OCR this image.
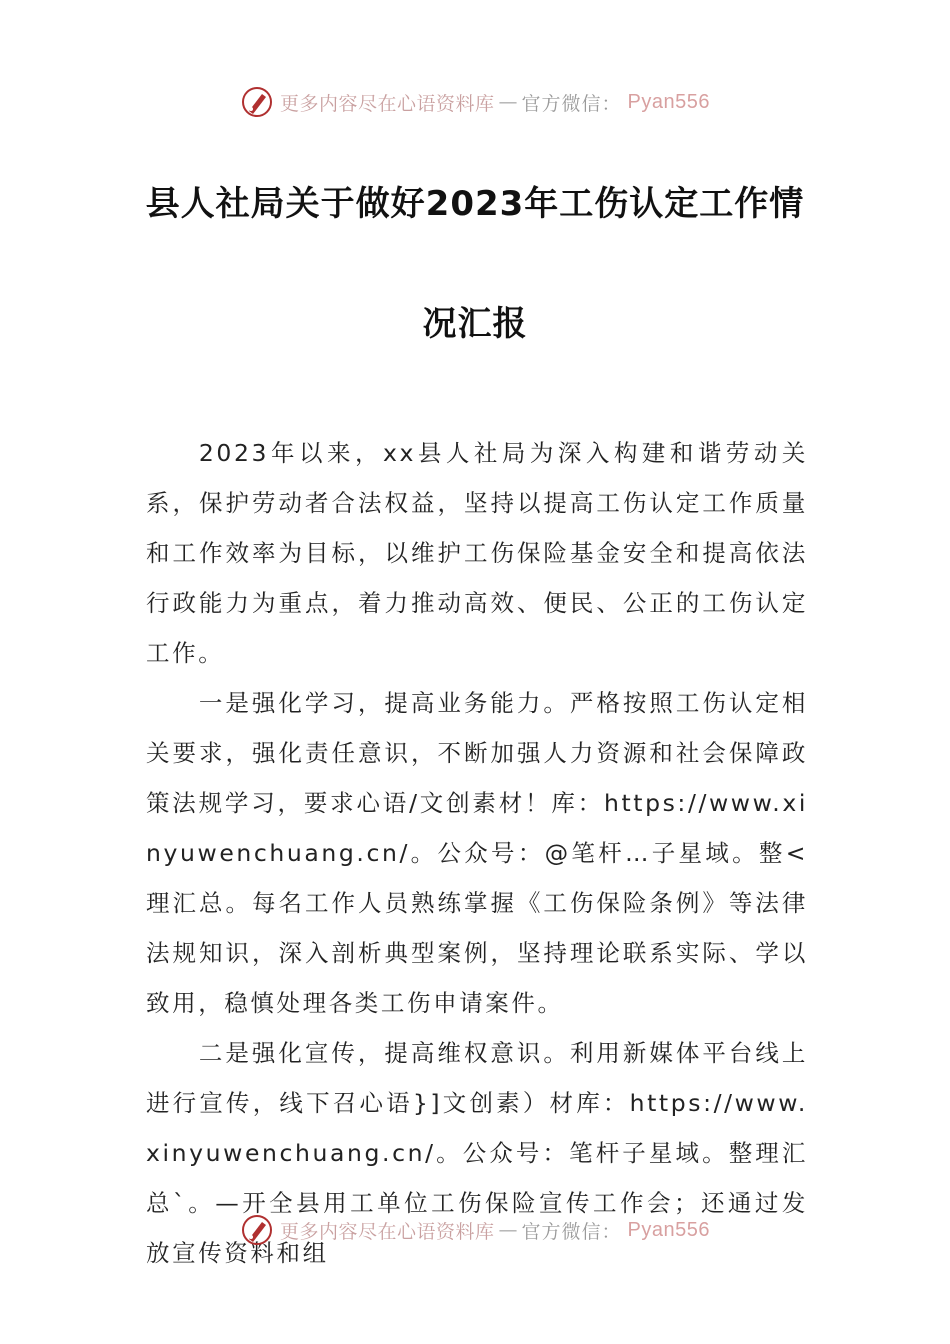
更多内容尽在心语资料库 — 官方微信： Pyan556
县人社局关于做好2023年工伤认定工作情
况汇报

2023年以来，xx县人社局为深入构建和谐劳动关系，保护劳动者合法权益，坚持以提高工伤认定工作质量和工作效率为目标，以维护工伤保险基金安全和提高依法行政能力为重点，着力推动高效、便民、公正的工伤认定工作。

一是强化学习，提高业务能力。严格按照工伤认定相关要求，强化责任意识，不断加强人力资源和社会保障政策法规学习，要求心语/文创素材！库：https://www.xinyuwenchuang.cn/。公众号：@笔杆…子星域。整<理汇总。每名工作人员熟练掌握《工伤保险条例》等法律法规知识，深入剖析典型案例，坚持理论联系实际、学以致用，稳慎处理各类工伤申请案件。

二是强化宣传，提高维权意识。利用新媒体平台线上进行宣传，线下召心语}]文创素）材库：https://www.xinyuwenchuang.cn/。公众号：笔杆子星域。整理汇总`。—开全县用工单位工伤保险宣传工作会；还通过发放宣传资料和组

更多内容尽在心语资料库 — 官方微信： Pyan556
